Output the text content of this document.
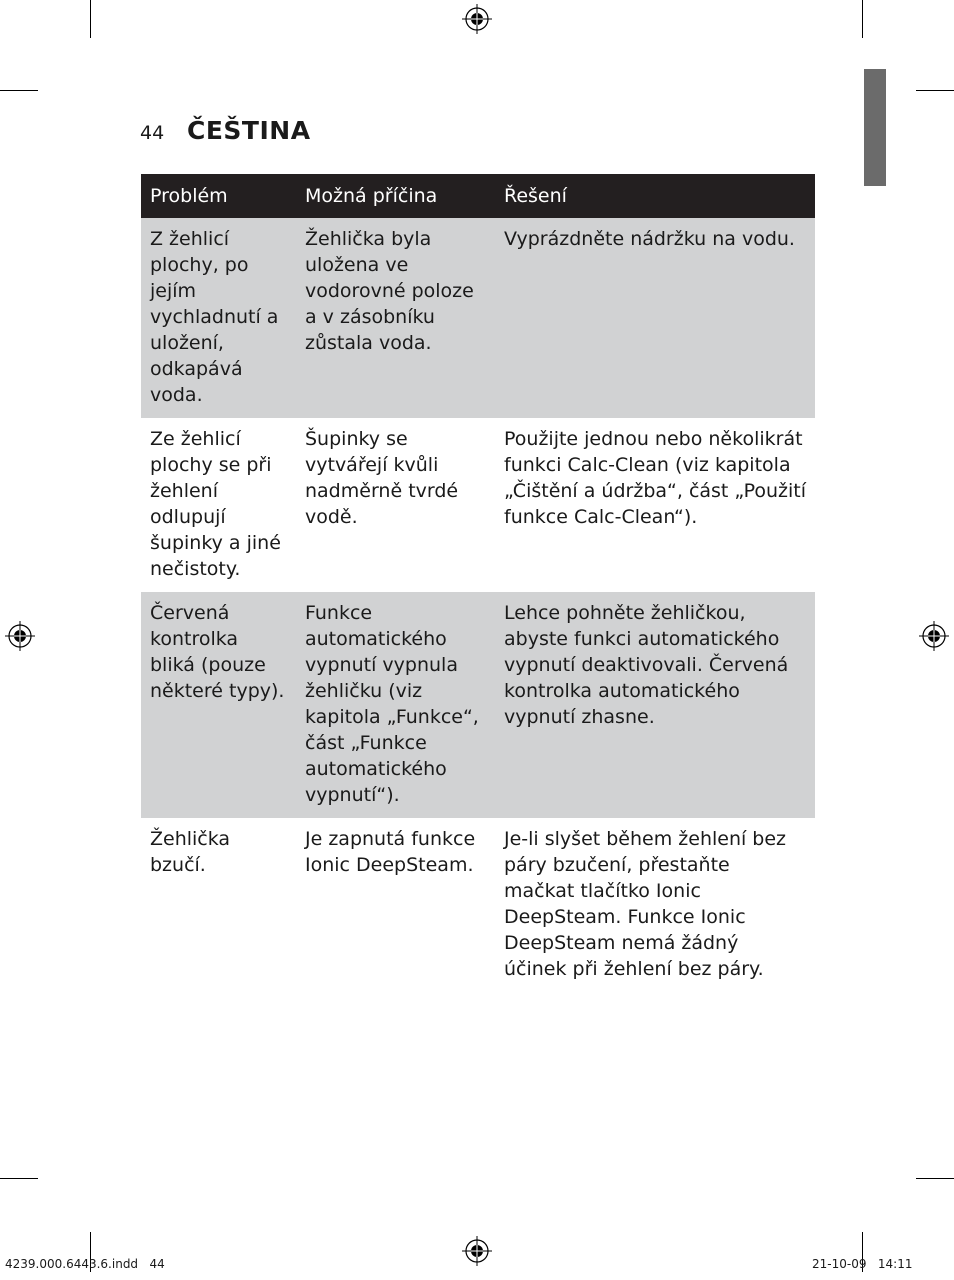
44 ČEŠTINA
Problém	Možná příčina	Řešení
Z žehlicí plochy, po jejím vychladnutí a uložení, odkapává voda.	Žehlička byla uložena ve vodorovné poloze a v zásobníku zůstala voda.	Vyprázdněte nádržku na vodu.
Ze žehlicí plochy se při žehlení odlupují šupinky a jiné nečistoty.	Šupinky se vytvářejí kvůli nadměrně tvrdé vodě.	Použijte jednou nebo několikrát funkci Calc-Clean (viz kapitola „Čištění a údržba“, část „Použití funkce Calc-Clean“).
Červená kontrolka bliká (pouze některé typy).	Funkce automatického vypnutí vypnula žehličku (viz kapitola „Funkce“, část „Funkce automatického vypnutí“).	Lehce pohněte žehličkou, abyste funkci automatického vypnutí deaktivovali. Červená kontrolka automatického vypnutí zhasne.
Žehlička bzučí.	Je zapnutá funkce Ionic DeepSteam.	Je-li slyšet během žehlení bez páry bzučení, přestaňte mačkat tlačítko Ionic DeepSteam. Funkce Ionic DeepSteam nemá žádný účinek při žehlení bez páry.
4239.000.6443.6.indd   44	21-10-09   14:11
